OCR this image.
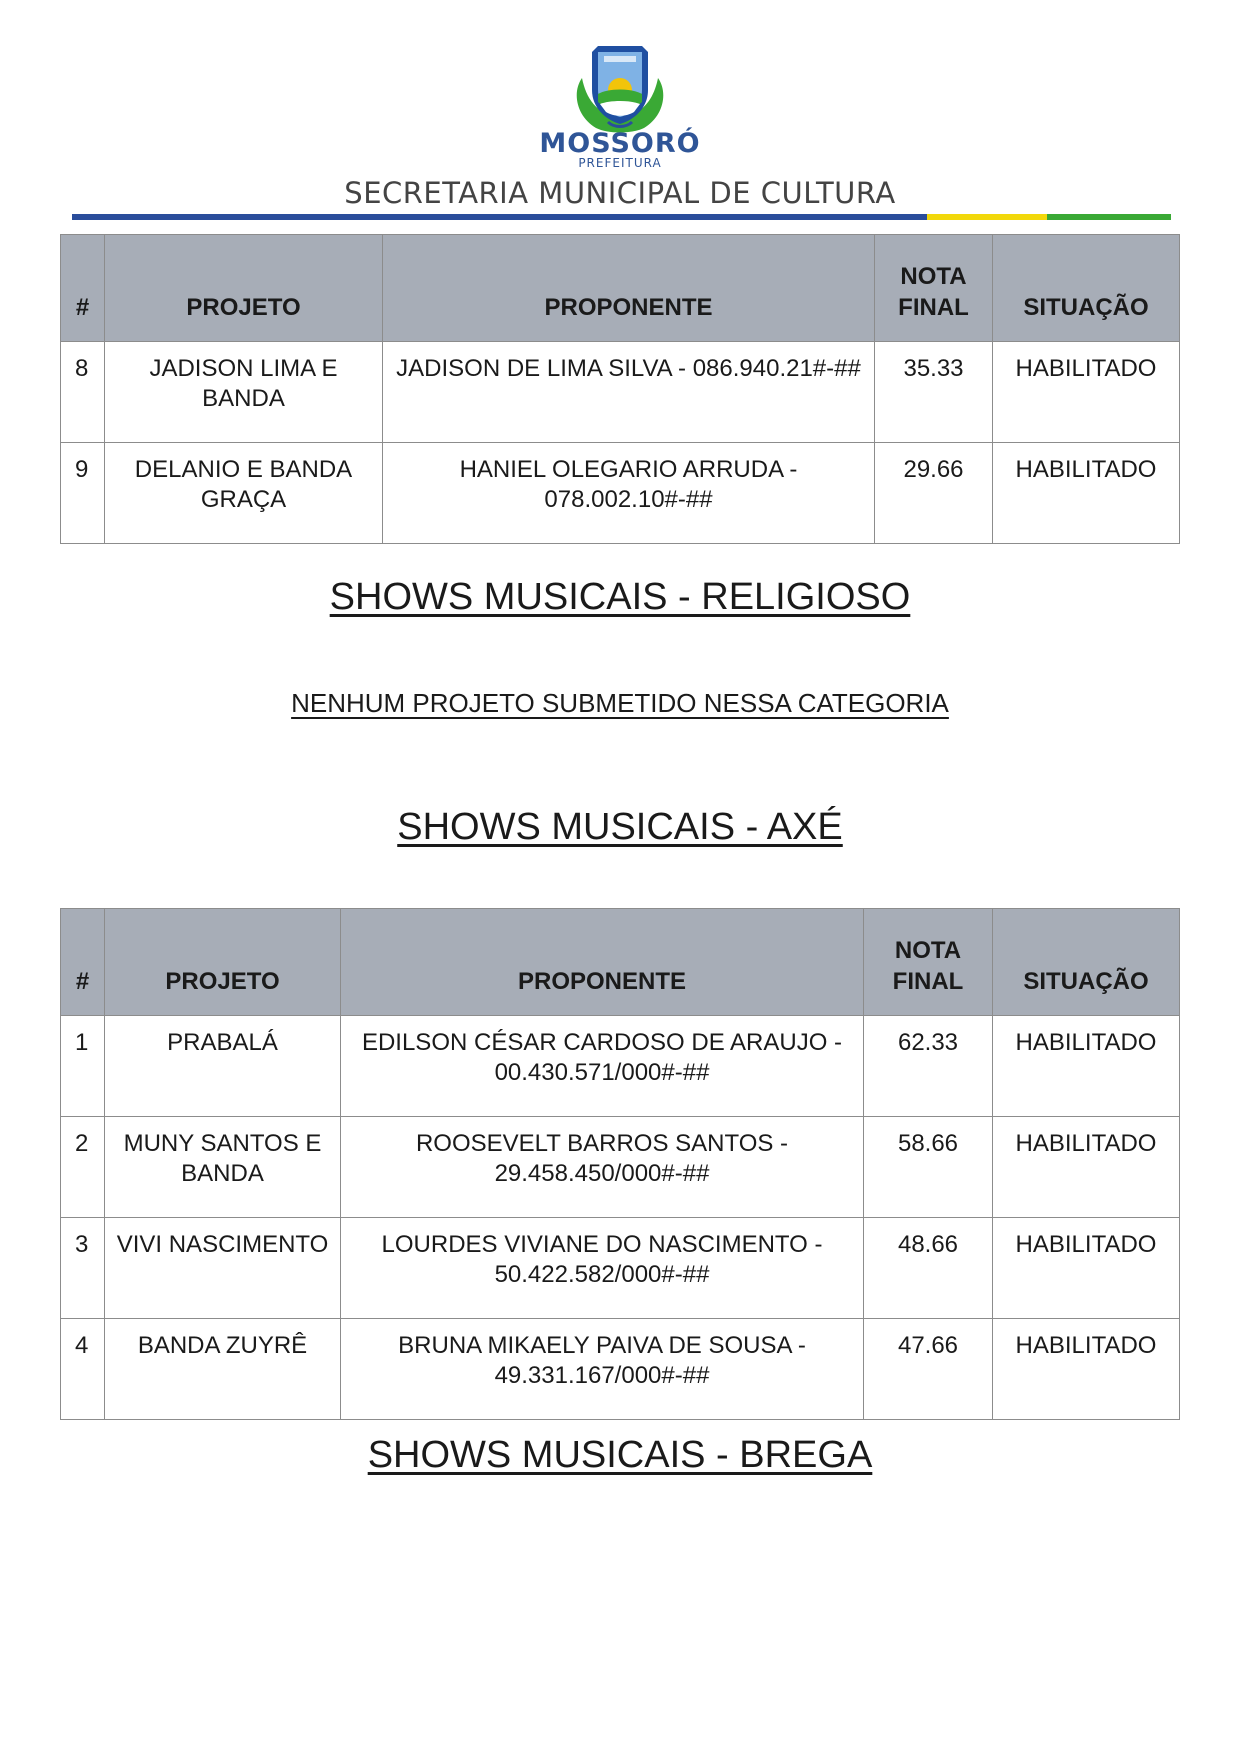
MOSSORÓ
PREFEITURA
SECRETARIA MUNICIPAL DE CULTURA
#	PROJETO	PROPONENTE	NOTA FINAL	SITUAÇÃO
8	JADISON LIMA E BANDA	JADISON DE LIMA SILVA - 086.940.21#-##	35.33	HABILITADO
9	DELANIO E BANDA GRAÇA	HANIEL OLEGARIO ARRUDA - 078.002.10#-##	29.66	HABILITADO
SHOWS MUSICAIS - RELIGIOSO
NENHUM PROJETO SUBMETIDO NESSA CATEGORIA
SHOWS MUSICAIS - AXÉ
#	PROJETO	PROPONENTE	NOTA FINAL	SITUAÇÃO
1	PRABALÁ	EDILSON CÉSAR CARDOSO DE ARAUJO - 00.430.571/000#-##	62.33	HABILITADO
2	MUNY SANTOS E BANDA	ROOSEVELT BARROS SANTOS - 29.458.450/000#-##	58.66	HABILITADO
3	VIVI NASCIMENTO	LOURDES VIVIANE DO NASCIMENTO - 50.422.582/000#-##	48.66	HABILITADO
4	BANDA ZUYRÊ	BRUNA MIKAELY PAIVA DE SOUSA - 49.331.167/000#-##	47.66	HABILITADO
SHOWS MUSICAIS - BREGA
